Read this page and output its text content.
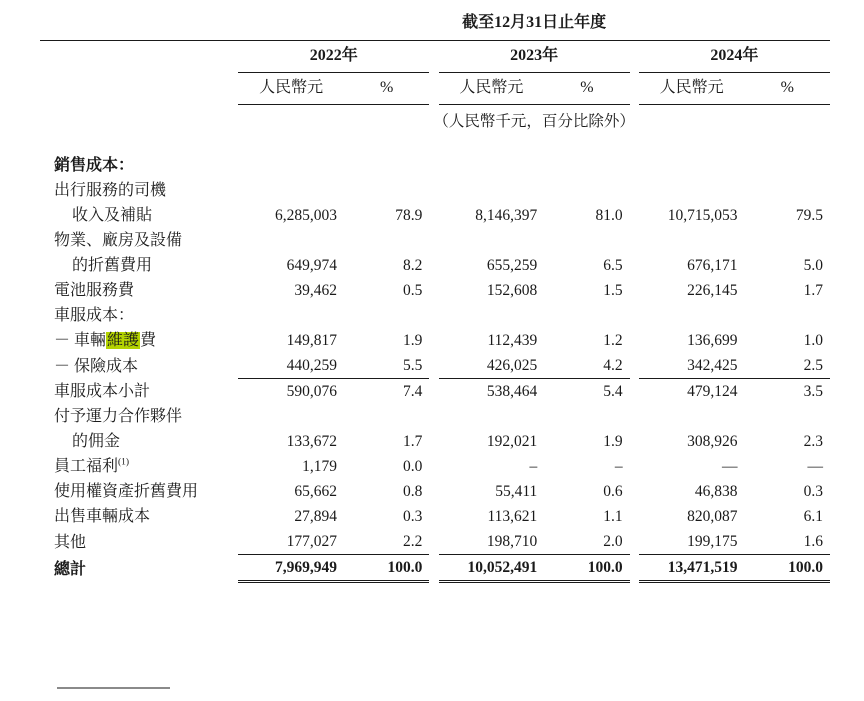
	截至12月31日止年度							

	2022年			2023年			2024年	
	人民幣元	%		人民幣元	%		人民幣元	%
	（人民幣千元，百分比除外）							

銷售成本：								
出行服務的司機								
收入及補貼	6,285,003	78.9		8,146,397	81.0		10,715,053	79.5
物業、廠房及設備								
的折舊費用	649,974	8.2		655,259	6.5		676,171	5.0
電池服務費	39,462	0.5		152,608	1.5		226,145	1.7
車服成本：								
－ 車輛維護費	149,817	1.9		112,439	1.2		136,699	1.0
－ 保險成本	440,259	5.5		426,025	4.2		342,425	2.5
車服成本小計	590,076	7.4		538,464	5.4		479,124	3.5
付予運力合作夥伴								
的佣金	133,672	1.7		192,021	1.9		308,926	2.3
員工福利$^{(1)}$	1,179	0.0		–	–		—	—
使用權資產折舊費用	65,662	0.8		55,411	0.6		46,838	0.3
出售車輛成本	27,894	0.3		113,621	1.1		820,087	6.1
其他	177,027	2.2		198,710	2.0		199,175	1.6
總計	7,969,949	100.0		10,052,491	100.0		13,471,519	100.0
